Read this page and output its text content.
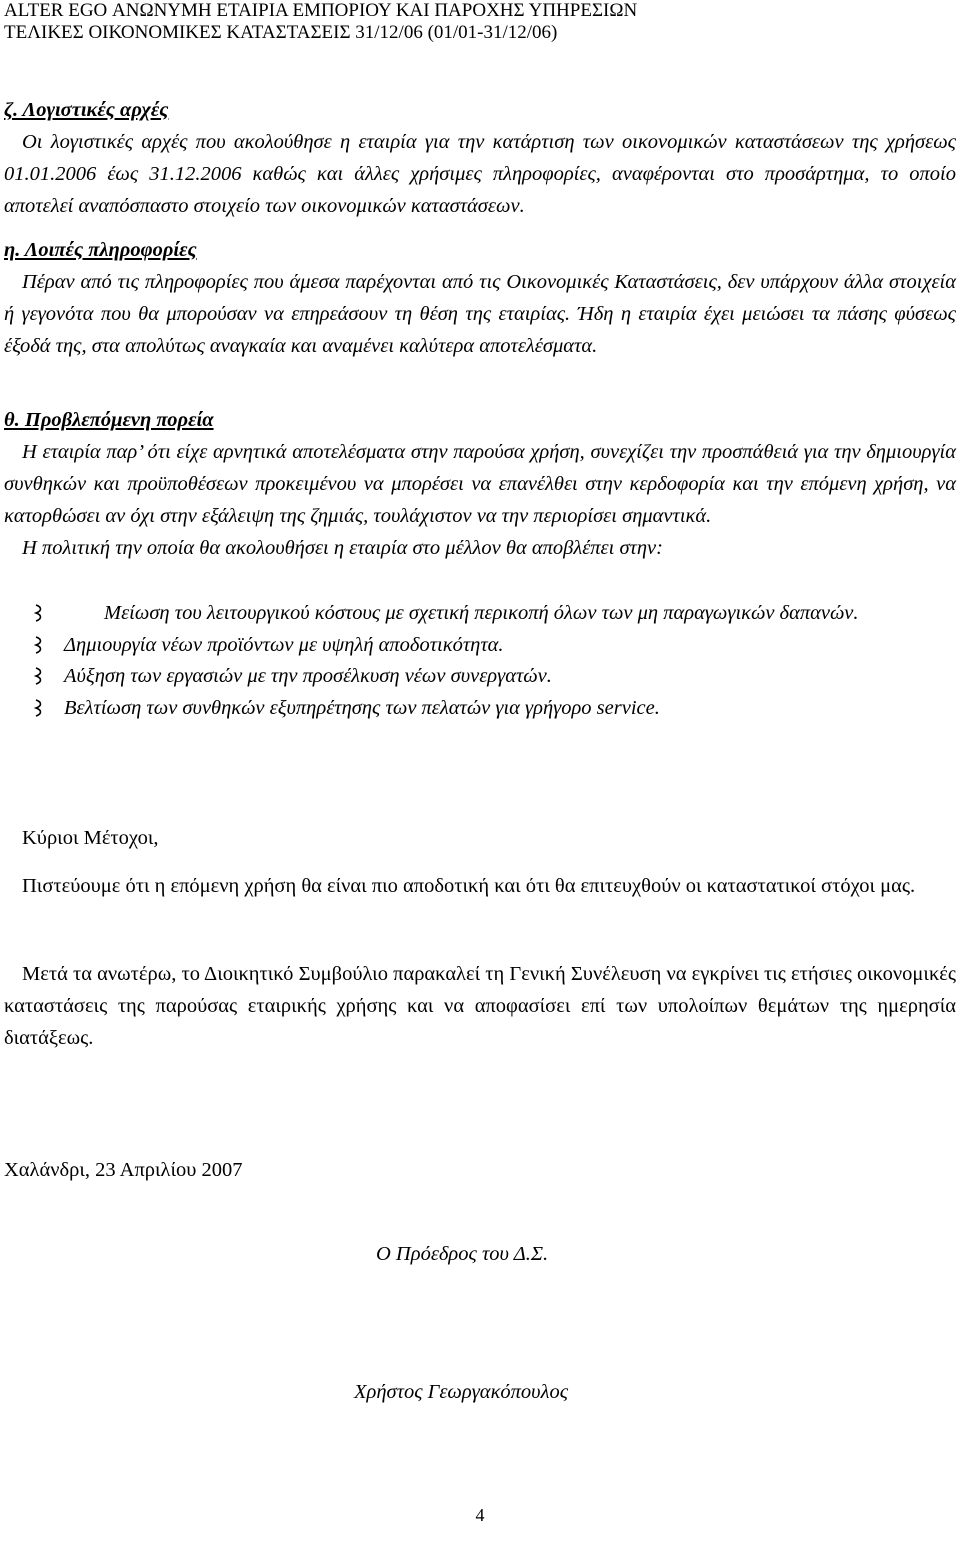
ALTER EGO ΑΝΩΝΥΜΗ ΕΤΑΙΡΙΑ ΕΜΠΟΡΙΟΥ ΚΑΙ ΠΑΡΟΧΗΣ ΥΠΗΡΕΣΙΩΝ
ΤΕΛΙΚΕΣ ΟΙΚΟΝΟΜΙΚΕΣ ΚΑΤΑΣΤΑΣΕΙΣ 31/12/06 (01/01-31/12/06)
ζ. Λογιστικές αρχές
Οι λογιστικές αρχές που ακολούθησε η εταιρία για την κατάρτιση των οικονομικών καταστάσεων της χρήσεως 01.01.2006 έως 31.12.2006 καθώς και άλλες χρήσιμες πληροφορίες, αναφέρονται στο προσάρτημα, το οποίο αποτελεί αναπόσπαστο στοιχείο των οικονομικών καταστάσεων.
η. Λοιπές πληροφορίες
Πέραν από τις πληροφορίες που άμεσα παρέχονται από τις Οικονομικές Καταστάσεις, δεν υπάρχουν άλλα στοιχεία ή γεγονότα που θα μπορούσαν να επηρεάσουν τη θέση της εταιρίας. Ήδη η εταιρία έχει μειώσει τα πάσης φύσεως έξοδά της, στα απολύτως αναγκαία και αναμένει καλύτερα αποτελέσματα.
θ. Προβλεπόμενη πορεία
Η εταιρία παρ’ ότι είχε αρνητικά αποτελέσματα στην παρούσα χρήση, συνεχίζει την προσπάθειά για την δημιουργία συνθηκών και προϋποθέσεων προκειμένου να μπορέσει να επανέλθει στην κερδοφορία και την επόμενη χρήση, να κατορθώσει αν όχι στην εξάλειψη της ζημιάς, τουλάχιστον να την περιορίσει σημαντικά.
Η πολιτική την οποία θα ακολουθήσει η εταιρία στο μέλλον θα αποβλέπει στην:
Μείωση του λειτουργικού κόστους με σχετική περικοπή όλων των μη παραγωγικών δαπανών.
Δημιουργία νέων προϊόντων με υψηλή αποδοτικότητα.
Αύξηση των εργασιών με την προσέλκυση νέων συνεργατών.
Βελτίωση των συνθηκών εξυπηρέτησης των πελατών για γρήγορο service.
Κύριοι Μέτοχοι,
Πιστεύουμε ότι η επόμενη χρήση θα είναι πιο αποδοτική και ότι θα επιτευχθούν οι καταστατικοί στόχοι μας.
Μετά τα ανωτέρω, το Διοικητικό Συμβούλιο παρακαλεί τη Γενική Συνέλευση να εγκρίνει τις ετήσιες οικονομικές καταστάσεις της παρούσας εταιρικής χρήσης και να αποφασίσει επί των υπολοίπων θεμάτων της ημερησία διατάξεως.
Χαλάνδρι, 23 Απριλίου 2007
Ο Πρόεδρος του Δ.Σ.
Χρήστος Γεωργακόπουλος
4
